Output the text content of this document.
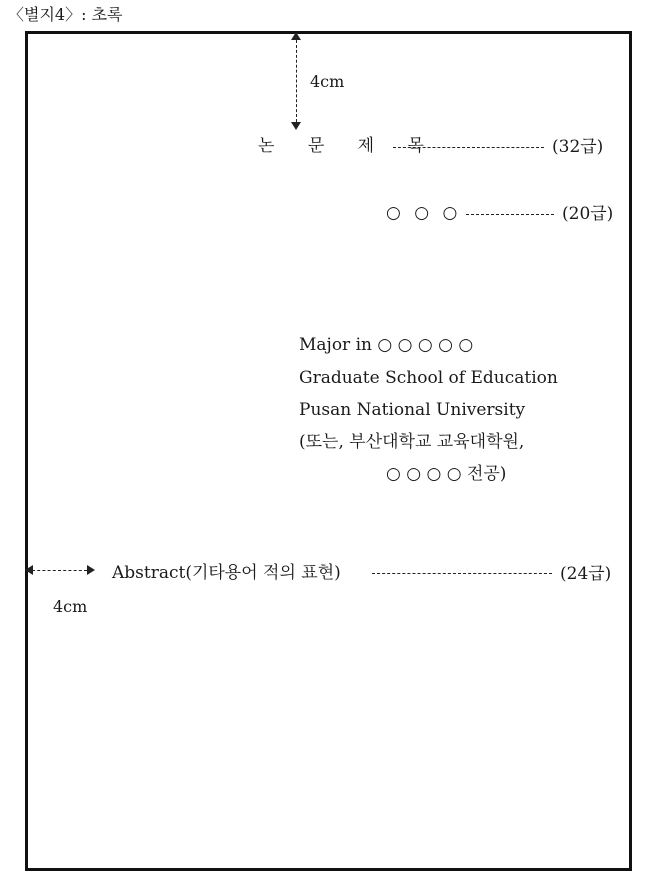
〈별지4〉: 초록
4cm
논 문 제 목	(32급)
○ ○ ○	(20급)
Major in ○ ○ ○ ○ ○
Graduate School of Education
Pusan National University
(또는, 부산대학교 교육대학원,
○ ○ ○ ○ 전공)
4cm
Abstract(기타용어 적의 표현)	(24급)
